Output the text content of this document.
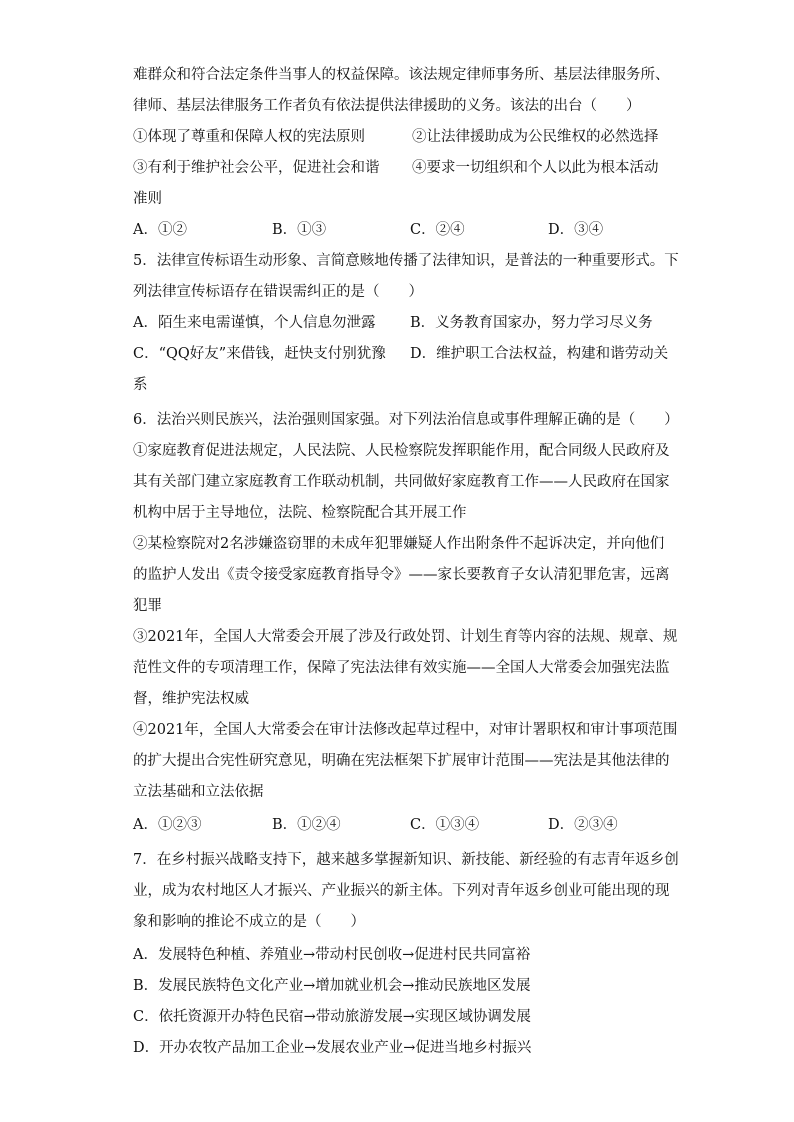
难群众和符合法定条件当事人的权益保障。该法规定律师事务所、基层法律服务所、
律师、基层法律服务工作者负有依法提供法律援助的义务。该法的出台（　　）
①体现了尊重和保障人权的宪法原则	②让法律援助成为公民维权的必然选择
③有利于维护社会公平，促进社会和谐 ④要求一切组织和个人以此为根本活动
准则
A．①②	B．①③	C．②④	D．③④
5．法律宣传标语生动形象、言简意赅地传播了法律知识，是普法的一种重要形式。下
列法律宣传标语存在错误需纠正的是（　　）
A．陌生来电需谨慎，个人信息勿泄露 B．义务教育国家办，努力学习尽义务
C．“QQ好友”来借钱，赶快支付别犹豫 D．维护职工合法权益，构建和谐劳动关
系
6．法治兴则民族兴，法治强则国家强。对下列法治信息或事件理解正确的是（　　）
①家庭教育促进法规定，人民法院、人民检察院发挥职能作用，配合同级人民政府及
其有关部门建立家庭教育工作联动机制，共同做好家庭教育工作——人民政府在国家
机构中居于主导地位，法院、检察院配合其开展工作
②某检察院对2名涉嫌盗窃罪的未成年犯罪嫌疑人作出附条件不起诉决定，并向他们
的监护人发出《责令接受家庭教育指导令》——家长要教育子女认清犯罪危害，远离
犯罪
③2021年，全国人大常委会开展了涉及行政处罚、计划生育等内容的法规、规章、规
范性文件的专项清理工作，保障了宪法法律有效实施——全国人大常委会加强宪法监
督，维护宪法权威
④2021年，全国人大常委会在审计法修改起草过程中，对审计署职权和审计事项范围
的扩大提出合宪性研究意见，明确在宪法框架下扩展审计范围——宪法是其他法律的
立法基础和立法依据
A．①②③	B．①②④	C．①③④	D．②③④
7．在乡村振兴战略支持下，越来越多掌握新知识、新技能、新经验的有志青年返乡创
业，成为农村地区人才振兴、产业振兴的新主体。下列对青年返乡创业可能出现的现
象和影响的推论不成立的是（　　）
A．发展特色种植、养殖业→带动村民创收→促进村民共同富裕
B．发展民族特色文化产业→增加就业机会→推动民族地区发展
C．依托资源开办特色民宿→带动旅游发展→实现区域协调发展
D．开办农牧产品加工企业→发展农业产业→促进当地乡村振兴
